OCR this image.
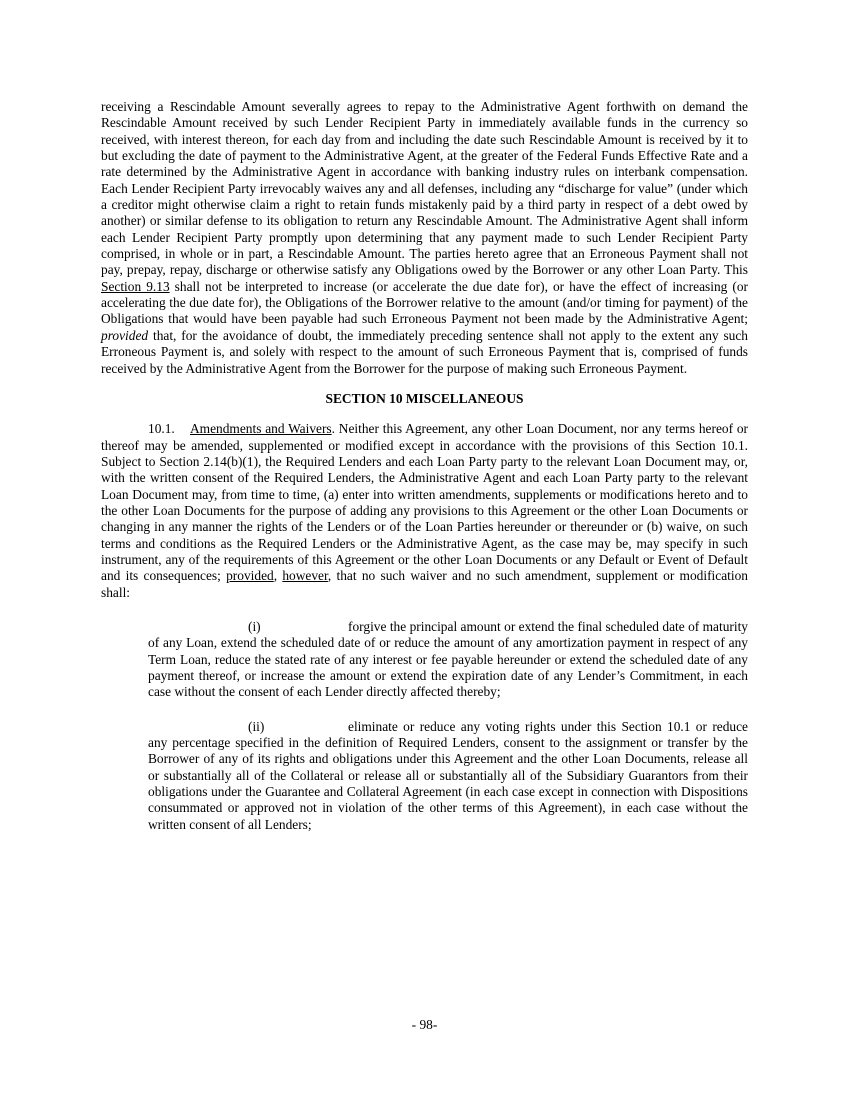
receiving a Rescindable Amount severally agrees to repay to the Administrative Agent forthwith on demand the Rescindable Amount received by such Lender Recipient Party in immediately available funds in the currency so received, with interest thereon, for each day from and including the date such Rescindable Amount is received by it to but excluding the date of payment to the Administrative Agent, at the greater of the Federal Funds Effective Rate and a rate determined by the Administrative Agent in accordance with banking industry rules on interbank compensation. Each Lender Recipient Party irrevocably waives any and all defenses, including any “discharge for value” (under which a creditor might otherwise claim a right to retain funds mistakenly paid by a third party in respect of a debt owed by another) or similar defense to its obligation to return any Rescindable Amount. The Administrative Agent shall inform each Lender Recipient Party promptly upon determining that any payment made to such Lender Recipient Party comprised, in whole or in part, a Rescindable Amount. The parties hereto agree that an Erroneous Payment shall not pay, prepay, repay, discharge or otherwise satisfy any Obligations owed by the Borrower or any other Loan Party. This Section 9.13 shall not be interpreted to increase (or accelerate the due date for), or have the effect of increasing (or accelerating the due date for), the Obligations of the Borrower relative to the amount (and/or timing for payment) of the Obligations that would have been payable had such Erroneous Payment not been made by the Administrative Agent; provided that, for the avoidance of doubt, the immediately preceding sentence shall not apply to the extent any such Erroneous Payment is, and solely with respect to the amount of such Erroneous Payment that is, comprised of funds received by the Administrative Agent from the Borrower for the purpose of making such Erroneous Payment.

SECTION 10 MISCELLANEOUS

10.1. Amendments and Waivers. Neither this Agreement, any other Loan Document, nor any terms hereof or thereof may be amended, supplemented or modified except in accordance with the provisions of this Section 10.1. Subject to Section 2.14(b)(1), the Required Lenders and each Loan Party party to the relevant Loan Document may, or, with the written consent of the Required Lenders, the Administrative Agent and each Loan Party party to the relevant Loan Document may, from time to time, (a) enter into written amendments, supplements or modifications hereto and to the other Loan Documents for the purpose of adding any provisions to this Agreement or the other Loan Documents or changing in any manner the rights of the Lenders or of the Loan Parties hereunder or thereunder or (b) waive, on such terms and conditions as the Required Lenders or the Administrative Agent, as the case may be, may specify in such instrument, any of the requirements of this Agreement or the other Loan Documents or any Default or Event of Default and its consequences; provided, however, that no such waiver and no such amendment, supplement or modification shall:

(i)	forgive the principal amount or extend the final scheduled date of maturity of any Loan, extend the scheduled date of or reduce the amount of any amortization payment in respect of any Term Loan, reduce the stated rate of any interest or fee payable hereunder or extend the scheduled date of any payment thereof, or increase the amount or extend the expiration date of any Lender’s Commitment, in each case without the consent of each Lender directly affected thereby;

(ii)	eliminate or reduce any voting rights under this Section 10.1 or reduce any percentage specified in the definition of Required Lenders, consent to the assignment or transfer by the Borrower of any of its rights and obligations under this Agreement and the other Loan Documents, release all or substantially all of the Collateral or release all or substantially all of the Subsidiary Guarantors from their obligations under the Guarantee and Collateral Agreement (in each case except in connection with Dispositions consummated or approved not in violation of the other terms of this Agreement), in each case without the written consent of all Lenders;

- 98-
